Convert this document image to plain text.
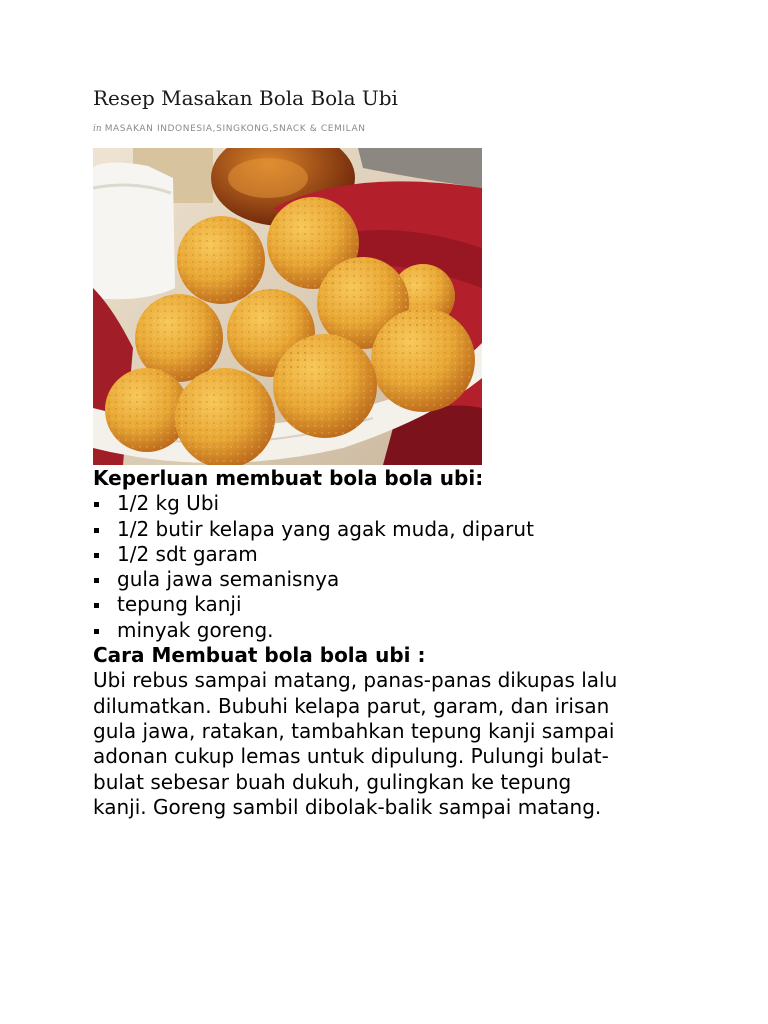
Resep Masakan Bola Bola Ubi
in MASAKAN INDONESIA,SINGKONG,SNACK & CEMILAN

Keperluan membuat bola bola ubi:

1/2 kg Ubi
1/2 butir kelapa yang agak muda, diparut
1/2 sdt garam
gula jawa semanisnya
tepung kanji
minyak goreng.

Cara Membuat bola bola ubi :

Ubi rebus sampai matang, panas-panas dikupas lalu
dilumatkan. Bubuhi kelapa parut, garam, dan irisan
gula jawa, ratakan, tambahkan tepung kanji sampai
adonan cukup lemas untuk dipulung. Pulungi bulat-
bulat sebesar buah dukuh, gulingkan ke tepung
kanji. Goreng sambil dibolak-balik sampai matang.
